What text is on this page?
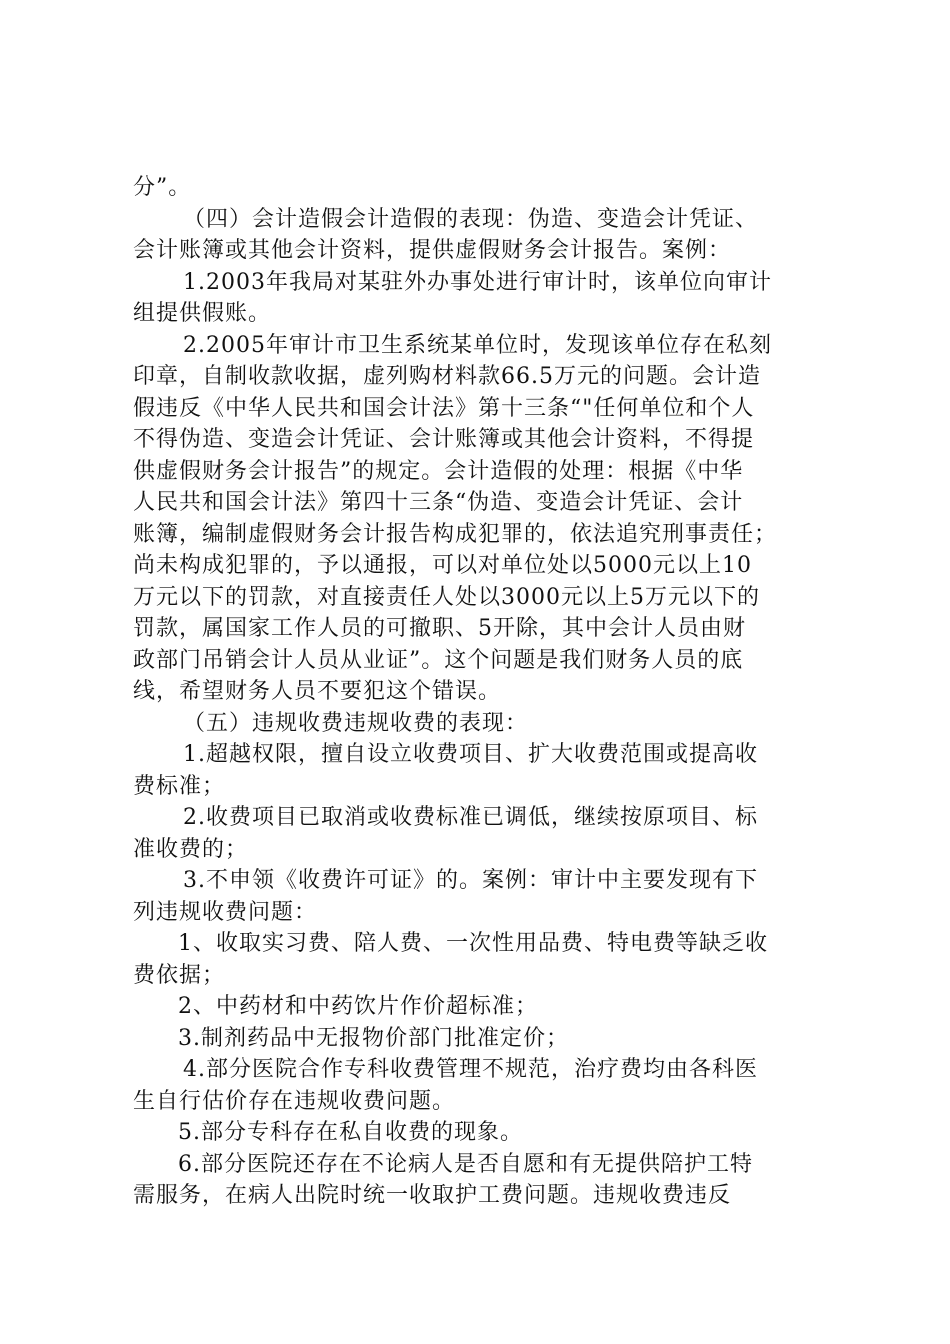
分”。
（四）会计造假会计造假的表现：伪造、变造会计凭证、
会计账簿或其他会计资料，提供虚假财务会计报告。案例：
1.2003年我局对某驻外办事处进行审计时，该单位向审计
组提供假账。
2.2005年审计市卫生系统某单位时，发现该单位存在私刻
印章，自制收款收据，虚列购材料款66.5万元的问题。会计造
假违反《中华人民共和国会计法》第十三条“"任何单位和个人
不得伪造、变造会计凭证、会计账簿或其他会计资料，不得提
供虚假财务会计报告”的规定。会计造假的处理：根据《中华
人民共和国会计法》第四十三条“伪造、变造会计凭证、会计
账簿，编制虚假财务会计报告构成犯罪的，依法追究刑事责任；
尚未构成犯罪的，予以通报，可以对单位处以5000元以上10
万元以下的罚款，对直接责任人处以3000元以上5万元以下的
罚款，属国家工作人员的可撤职、5开除，其中会计人员由财
政部门吊销会计人员从业证”。这个问题是我们财务人员的底
线，希望财务人员不要犯这个错误。
（五）违规收费违规收费的表现：
1.超越权限，擅自设立收费项目、扩大收费范围或提高收
费标准；
2.收费项目已取消或收费标准已调低，继续按原项目、标
准收费的；
3.不申领《收费许可证》的。案例：审计中主要发现有下
列违规收费问题：
1、收取实习费、陪人费、一次性用品费、特电费等缺乏收
费依据；
2、中药材和中药饮片作价超标准；
3.制剂药品中无报物价部门批准定价；
4.部分医院合作专科收费管理不规范，治疗费均由各科医
生自行估价存在违规收费问题。
5.部分专科存在私自收费的现象。
6.部分医院还存在不论病人是否自愿和有无提供陪护工特
需服务，在病人出院时统一收取护工费问题。违规收费违反
